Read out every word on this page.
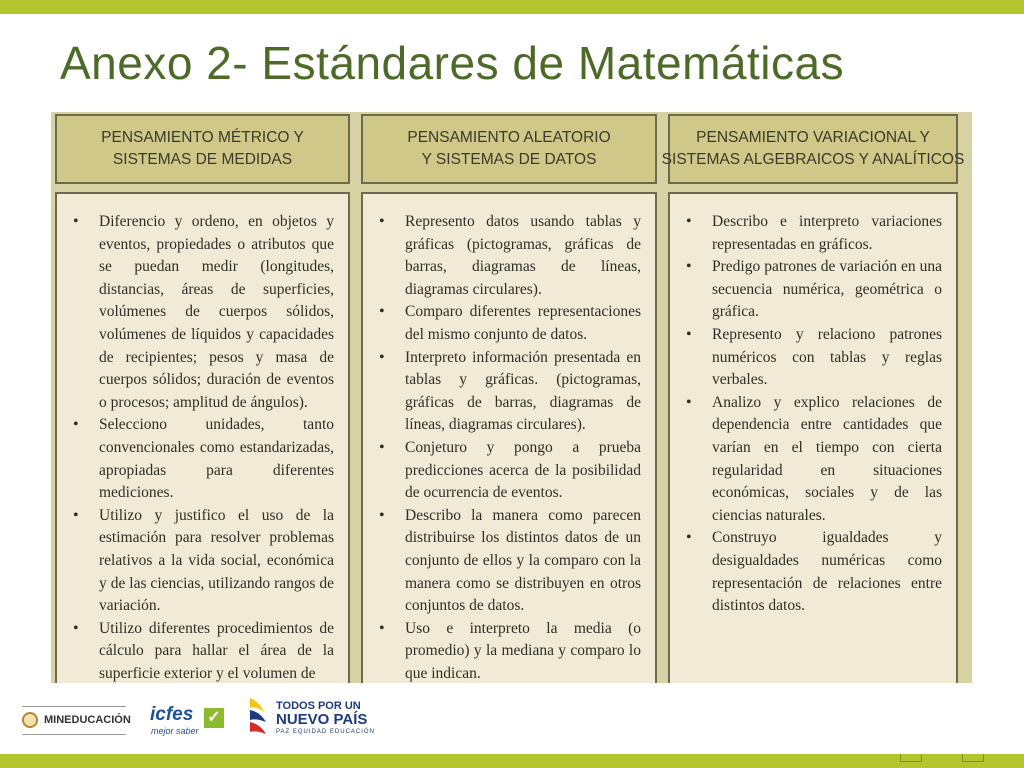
Anexo 2- Estándares de Matemáticas
PENSAMIENTO MÉTRICO Y
SISTEMAS DE MEDIDAS
PENSAMIENTO ALEATORIO
Y SISTEMAS DE DATOS
PENSAMIENTO VARIACIONAL Y
SISTEMAS ALGEBRAICOS Y ANALÍTICOS
• Diferencio y ordeno, en objetos y eventos, propiedades o atributos que se puedan medir (longitudes, distancias, áreas de superficies, volúmenes de cuerpos sólidos, volúmenes de líquidos y capacidades de recipientes; pesos y masa de cuerpos sólidos; duración de eventos o procesos; amplitud de ángulos).
• Selecciono unidades, tanto convencionales como estandarizadas, apropiadas para diferentes mediciones.
• Utilizo y justifico el uso de la estimación para resolver problemas relativos a la vida social, económica y de las ciencias, utilizando rangos de variación.
• Utilizo diferentes procedimientos de cálculo para hallar el área de la superficie exterior y el volumen de
• Represento datos usando tablas y gráficas (pictogramas, gráficas de barras, diagramas de líneas, diagramas circulares).
• Comparo diferentes representaciones del mismo conjunto de datos.
• Interpreto información presentada en tablas y gráficas. (pictogramas, gráficas de barras, diagramas de líneas, diagramas circulares).
• Conjeturo y pongo a prueba predicciones acerca de la posibilidad de ocurrencia de eventos.
• Describo la manera como parecen distribuirse los distintos datos de un conjunto de ellos y la comparo con la manera como se distribuyen en otros conjuntos de datos.
• Uso e interpreto la media (o promedio) y la mediana y comparo lo que indican.
• Describo e interpreto variaciones representadas en gráficos.
• Predigo patrones de variación en una secuencia numérica, geométrica o gráfica.
• Represento y relaciono patrones numéricos con tablas y reglas verbales.
• Analizo y explico relaciones de dependencia entre cantidades que varían en el tiempo con cierta regularidad en situaciones económicas, sociales y de las ciencias naturales.
• Construyo igualdades y desigualdades numéricas como representación de relaciones entre distintos datos.
MINEDUCACIÓN icfes
mejor saber
✓
TODOS POR UN
NUEVO PAÍS
PAZ EQUIDAD EDUCACIÓN
